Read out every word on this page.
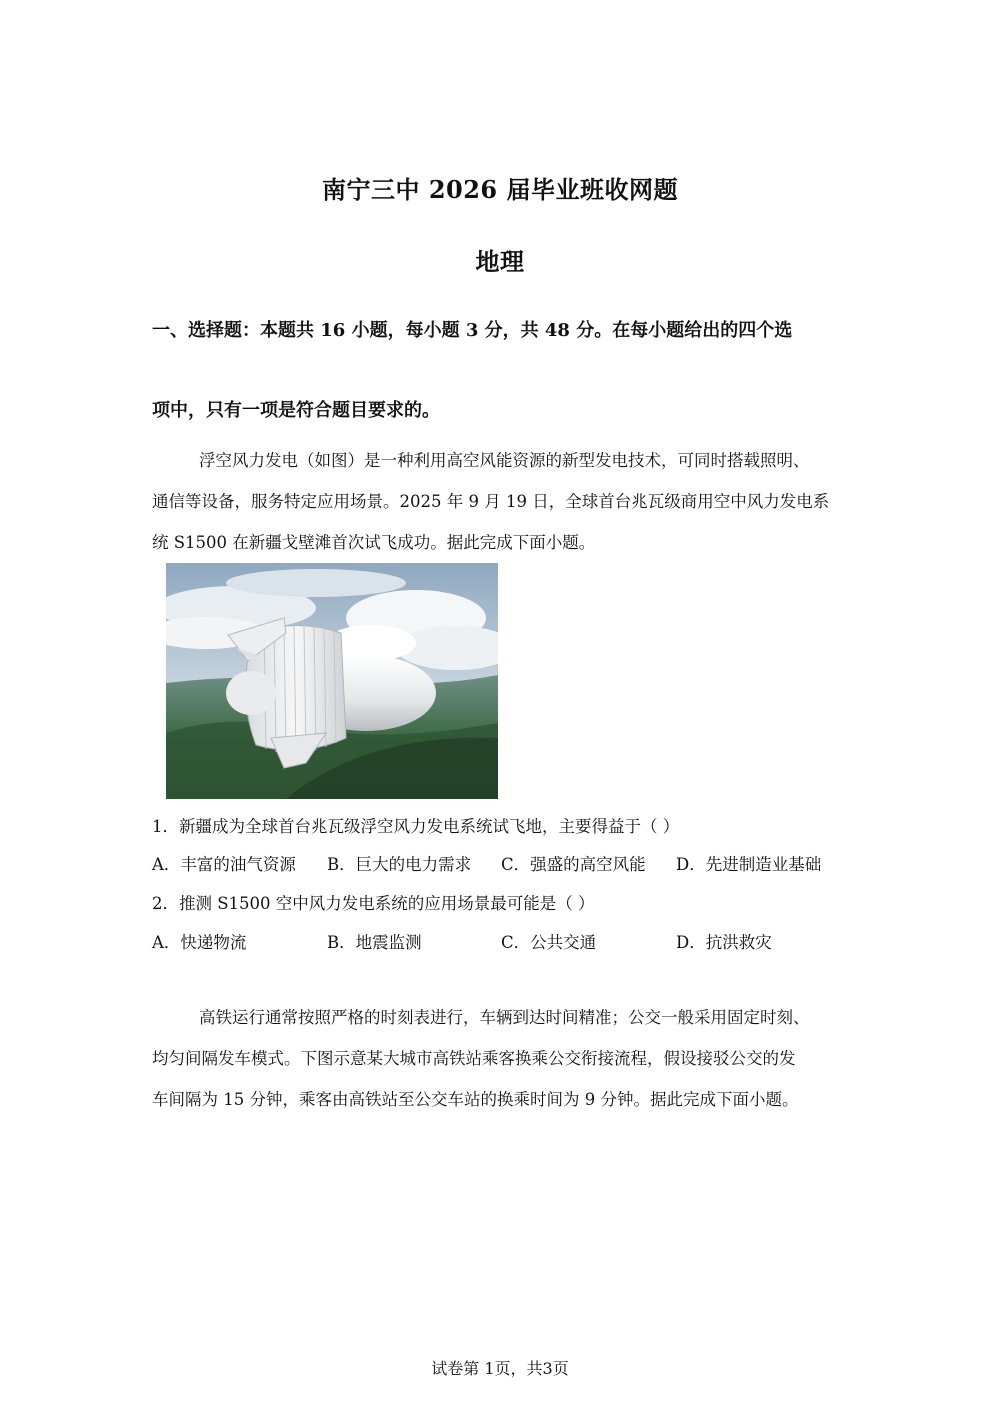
南宁三中 2026 届毕业班收网题
地理
一、选择题：本题共 16 小题，每小题 3 分，共 48 分。在每小题给出的四个选
项中，只有一项是符合题目要求的。
浮空风力发电（如图）是一种利用高空风能资源的新型发电技术，可同时搭载照明、
通信等设备，服务特定应用场景。2025 年 9 月 19 日，全球首台兆瓦级商用空中风力发电系
统 S1500 在新疆戈壁滩首次试飞成功。据此完成下面小题。
1．新疆成为全球首台兆瓦级浮空风力发电系统试飞地，主要得益于（ ）
A．丰富的油气资源 B．巨大的电力需求 C．强盛的高空风能 D．先进制造业基础
2．推测 S1500 空中风力发电系统的应用场景最可能是（ ）
A．快递物流	B．地震监测	C．公共交通	D．抗洪救灾
高铁运行通常按照严格的时刻表进行，车辆到达时间精准；公交一般采用固定时刻、
均匀间隔发车模式。下图示意某大城市高铁站乘客换乘公交衔接流程，假设接驳公交的发
车间隔为 15 分钟，乘客由高铁站至公交车站的换乘时间为 9 分钟。据此完成下面小题。
试卷第 1页，共3页
